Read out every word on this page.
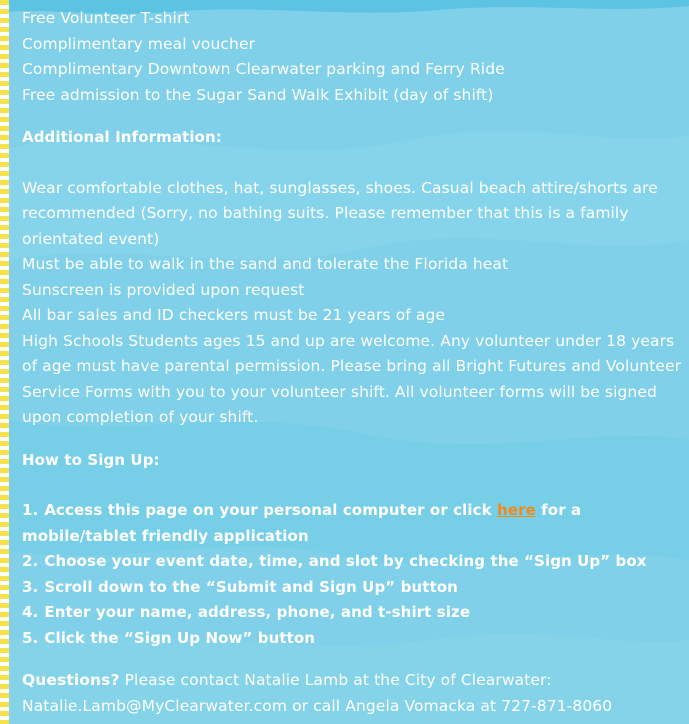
Free Volunteer T-shirt

Complimentary meal voucher

Complimentary Downtown Clearwater parking and Ferry Ride

Free admission to the Sugar Sand Walk Exhibit (day of shift)

Additional Information:

Wear comfortable clothes, hat, sunglasses, shoes. Casual beach attire/shorts are recommended (Sorry, no bathing suits. Please remember that this is a family orientated event)

Must be able to walk in the sand and tolerate the Florida heat

Sunscreen is provided upon request

All bar sales and ID checkers must be 21 years of age

High Schools Students ages 15 and up are welcome. Any volunteer under 18 years of age must have parental permission. Please bring all Bright Futures and Volunteer Service Forms with you to your volunteer shift. All volunteer forms will be signed upon completion of your shift.

How to Sign Up:

1. Access this page on your personal computer or click here for a mobile/tablet friendly application

2. Choose your event date, time, and slot by checking the “Sign Up” box

3. Scroll down to the “Submit and Sign Up” button

4. Enter your name, address, phone, and t-shirt size

5. Click the “Sign Up Now” button

Questions? Please contact Natalie Lamb at the City of Clearwater: Natalie.Lamb@MyClearwater.com or call Angela Vomacka at 727-871-8060
